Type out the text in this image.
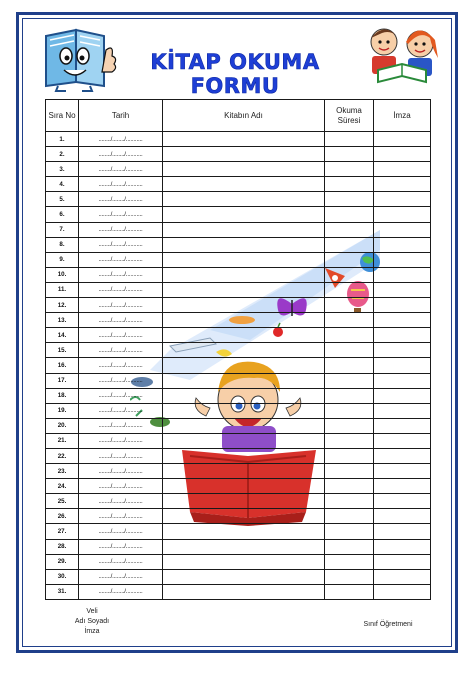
KİTAP OKUMA FORMU
Sıra No	Tarih	Kitabın Adı	Okuma Süresi	İmza
1.	......../......../...........			
2.	......../......../...........			
3.	......../......../...........			
4.	......../......../...........			
5.	......../......../...........			
6.	......../......../...........			
7.	......../......../...........			
8.	......../......../...........			
9.	......../......../...........			
10.	......../......../...........			
11.	......../......../...........			
12.	......../......../...........			
13.	......../......../...........			
14.	......../......../...........			
15.	......../......../...........			
16.	......../......../...........			
17.	......../......../...........			
18.	......../......../...........			
19.	......../......../...........			
20.	......../......../...........			
21.	......../......../...........			
22.	......../......../...........			
23.	......../......../...........			
24.	......../......../...........			
25.	......../......../...........			
26.	......../......../...........			
27.	......../......../...........			
28.	......../......../...........			
29.	......../......../...........			
30.	......../......../...........			
31.	......../......../...........			
Veli
Adı Soyadı
İmza
Sınıf Öğretmeni
